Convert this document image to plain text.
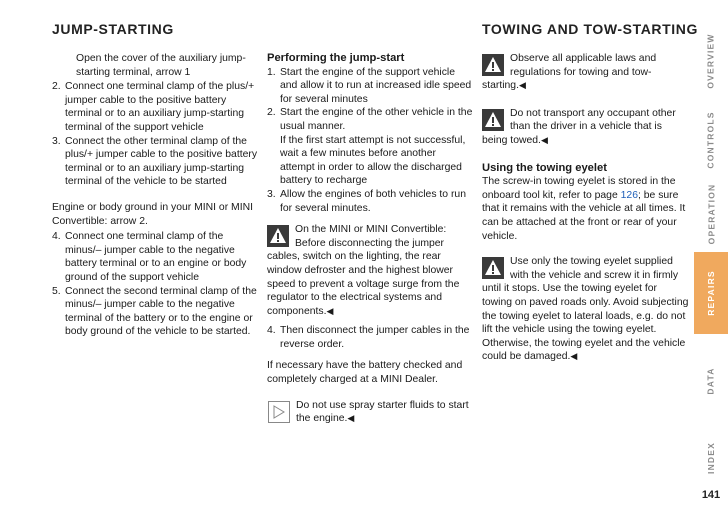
JUMP-STARTING	TOWING AND TOW-STARTING

Open the cover of the auxiliary jump-starting terminal, arrow 1

2. Connect one terminal clamp of the plus/+ jumper cable to the positive battery terminal or to an auxiliary jump-starting terminal of the support vehicle
3. Connect the other terminal clamp of the plus/+ jumper cable to the positive battery terminal or to an auxiliary jump-starting terminal of the vehicle to be started

Engine or body ground in your MINI or MINI Convertible: arrow 2.

4. Connect one terminal clamp of the minus/– jumper cable to the negative battery terminal or to an engine or body ground of the support vehicle
5. Connect the second terminal clamp of the minus/– jumper cable to the negative terminal of the battery or to the engine or body ground of the vehicle to be started.

Performing the jump-start

1. Start the engine of the support vehicle and allow it to run at increased idle speed for several minutes
2. Start the engine of the other vehicle in the usual manner.
If the first start attempt is not successful, wait a few minutes before another attempt in order to allow the discharged battery to recharge
3. Allow the engines of both vehicles to run for several minutes.
On the MINI or MINI Convertible: Before disconnecting the jumper cables, switch on the lighting, the rear window defroster and the highest blower speed to prevent a voltage surge from the regulator to the electrical systems and components.◀
4. Then disconnect the jumper cables in the reverse order.

If necessary have the battery checked and completely charged at a MINI Dealer.

Do not use spray starter fluids to start the engine.◀
Observe all applicable laws and regulations for towing and tow-starting.◀
Do not transport any occupant other than the driver in a vehicle that is being towed.◀

Using the towing eyelet

The screw-in towing eyelet is stored in the onboard tool kit, refer to page 126; be sure that it remains with the vehicle at all times. It can be attached at the front or rear of your vehicle.

Use only the towing eyelet supplied with the vehicle and screw it in firmly until it stops. Use the towing eyelet for towing on paved roads only. Avoid subjecting the towing eyelet to lateral loads, e.g. do not lift the vehicle using the towing eyelet. Otherwise, the towing eyelet and the vehicle could be damaged.◀
OVERVIEW
CONTROLS
OPERATION
REPAIRS
DATA
INDEX
141
